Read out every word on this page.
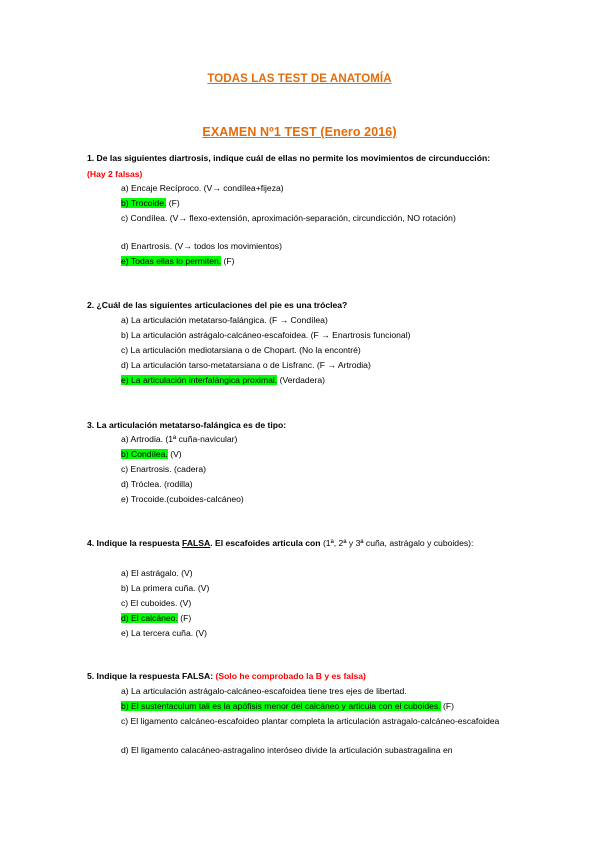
TODAS LAS TEST DE ANATOMÍA
EXAMEN Nº1 TEST (Enero 2016)
1. De las siguientes diartrosis, indique cuál de ellas no permite los movimientos de circunducción: (Hay 2 falsas)
a) Encaje Recíproco. (V→ condílea+fijeza)
b) Trocoide. (F)
c) Condílea. (V→ flexo-extensión, aproximación-separación, circundicción, NO rotación)
d) Enartrosis. (V→ todos los movimientos)
e) Todas ellas lo permiten. (F)
2. ¿Cuál de las siguientes articulaciones del pie es una tróclea?
a) La articulación metatarso-falángica. (F → Condílea)
b) La articulación astrágalo-calcáneo-escafoidea. (F → Enartrosis funcional)
c) La articulación mediotarsiana o de Chopart. (No la encontré)
d) La articulación tarso-metatarsiana o de Lisfranc. (F → Artrodia)
e) La articulación interfalángica proximal. (Verdadera)
3. La articulación metatarso-falángica es de tipo:
a) Artrodia. (1ª cuña-navicular)
b) Condílea. (V)
c) Enartrosis. (cadera)
d) Tróclea. (rodilla)
e) Trocoide.(cuboides-calcáneo)
4. Indique la respuesta FALSA. El escafoides articula con (1ª, 2ª y 3ª cuña, astrágalo y cuboides):
a) El astrágalo. (V)
b) La primera cuña. (V)
c) El cuboides. (V)
d) El calcáneo. (F)
e) La tercera cuña. (V)
5. Indique la respuesta FALSA: (Solo he comprobado la B y es falsa)
a) La articulación astrágalo-calcáneo-escafoidea tiene tres ejes de libertad.
b) El sustentaculum tali es la apófisis menor del calcáneo y articula con el cuboides. (F)
c) El ligamento calcáneo-escafoideo plantar completa la articulación astragalo-calcáneo-escafoidea
d) El ligamento calacáneo-astragalino interóseo divide la articulación subastragalina en
